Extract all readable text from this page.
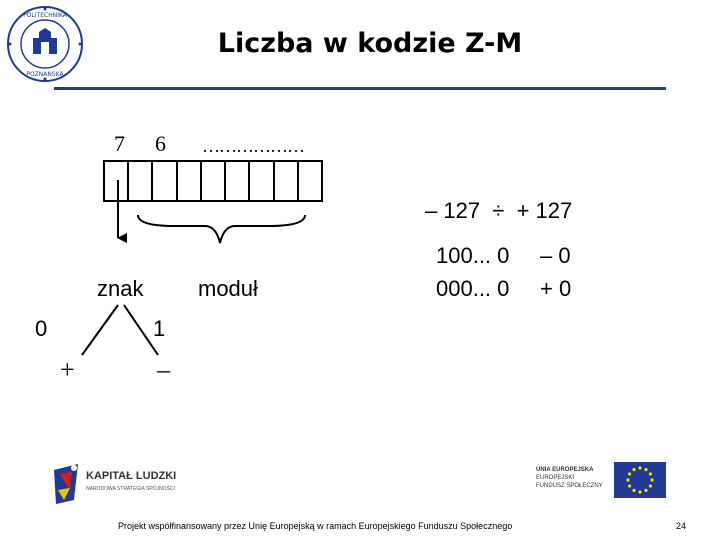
POLITECHNIKA
POZNAŃSKA
Liczba w kodzie Z-M
7 6 ………………
znak moduł
0	1
+	–
– 127  ÷  + 127
100... 0 – 0
000... 0 + 0
KAPITAŁ LUDZKI
NARODOWA STRATEGIA SPÓJNOŚCI
UNIA EUROPEJSKA
EUROPEJSKI
FUNDUSZ SPOŁECZNY
Projekt współfinansowany przez Unię Europejską w ramach Europejskiego Funduszu Społecznego	24
